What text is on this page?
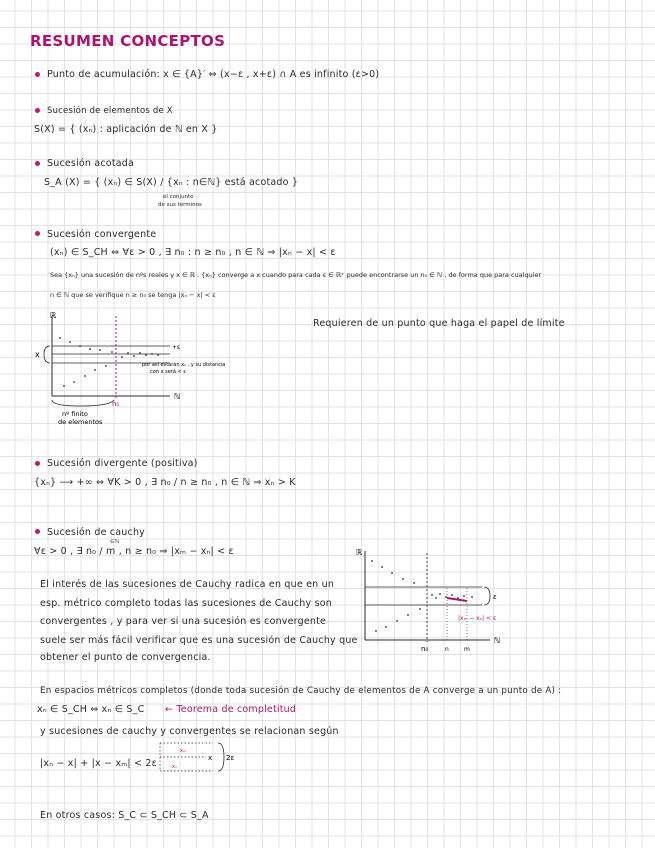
RESUMEN CONCEPTOS
Punto de acumulación: x ∈ {A}′ ⇔ (x−ε , x+ε) ∩ A es infinito (ε>0)
Sucesión de elementos de X
S(X) = { (xₙ) : aplicación de ℕ en X }
Sucesión acotada
S_A (X) = { (xₙ) ∈ S(X) / {xₙ : n∈ℕ} está acotado }
el conjunto
de sus términos
Sucesión convergente
(xₙ) ∈ S_CH ⇔ ∀ε > 0 , ∃ n₀ : n ≥ n₀ , n ∈ ℕ ⇒ |xₙ − x| < ε
Sea {xₙ} una sucesión de nºs reales y x ∈ ℝ . {xₙ} converge a x cuando para cada ε ∈ ℝ⁺ puede encontrarse un n₀ ∈ ℕ , de forma que para cualquier
n ∈ ℕ que se verifique n ≥ n₀ se tenga |xₙ − x| < ε
Requieren de un punto que haga el papel de límite
ℝ
ℕ
x
+ε
n₀
por así estarán xₙ , y su distancia
con x será < ε
nº finito
de elementos
Sucesión divergente (positiva)
{xₙ} ⟶ +∞ ⇔ ∀K > 0 , ∃ n₀ / n ≥ n₀ , n ∈ ℕ ⇒ xₙ > K
Sucesión de cauchy
∈ℕ
∀ε > 0 , ∃ n₀ / m , n ≥ n₀ ⇒ |xₘ − xₙ| < ε
El interés de las sucesiones de Cauchy radica en que en un
esp. métrico completo todas las sucesiones de Cauchy son
convergentes , y para ver si una sucesión es convergente
suele ser más fácil verificar que es una sucesión de Cauchy que
obtener el punto de convergencia.
ℝ
ℕ
ε
|xₘ − xₙ| < ε
n₀	n	m
En espacios métricos completos (donde toda sucesión de Cauchy de elementos de A converge a un punto de A) :
xₙ ∈ S_CH ⇔ xₙ ∈ S_C ← Teorema de completitud
y sucesiones de cauchy y convergentes se relacionan según
|xₙ − x| + |x − xₘ| < 2ε
xₘ
xₙ
x 2ε
En otros casos: S_C ⊂ S_CH ⊂ S_A
